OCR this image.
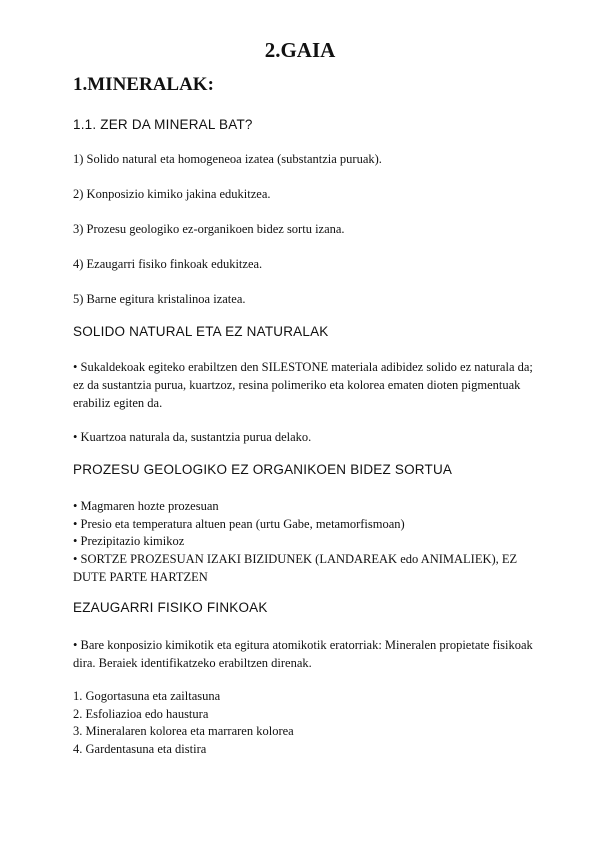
2.GAIA
1.MINERALAK:
1.1. ZER DA MINERAL BAT?
1) Solido natural eta homogeneoa izatea (substantzia puruak).
2) Konposizio kimiko jakina edukitzea.
3) Prozesu geologiko ez-organikoen bidez sortu izana.
4) Ezaugarri fisiko finkoak edukitzea.
5) Barne egitura kristalinoa izatea.
SOLIDO NATURAL ETA EZ NATURALAK
• Sukaldekoak egiteko erabiltzen den SILESTONE materiala adibidez solido ez naturala da; ez da sustantzia purua, kuartzoz, resina polimeriko eta kolorea ematen dioten pigmentuak erabiliz egiten da.
• Kuartzoa naturala da, sustantzia purua delako.
PROZESU GEOLOGIKO EZ ORGANIKOEN BIDEZ SORTUA
• Magmaren hozte prozesuan
• Presio eta temperatura altuen pean (urtu Gabe, metamorfismoan)
• Prezipitazio kimikoz
• SORTZE PROZESUAN IZAKI BIZIDUNEK (LANDAREAK edo ANIMALIEK), EZ DUTE PARTE HARTZEN
EZAUGARRI FISIKO FINKOAK
• Bare konposizio kimikotik eta egitura atomikotik eratorriak: Mineralen propietate fisikoak dira. Beraiek identifikatzeko erabiltzen direnak.
1. Gogortasuna eta zailtasuna
2. Esfoliazioa edo haustura
3. Mineralaren kolorea eta marraren kolorea
4. Gardentasuna eta distira
